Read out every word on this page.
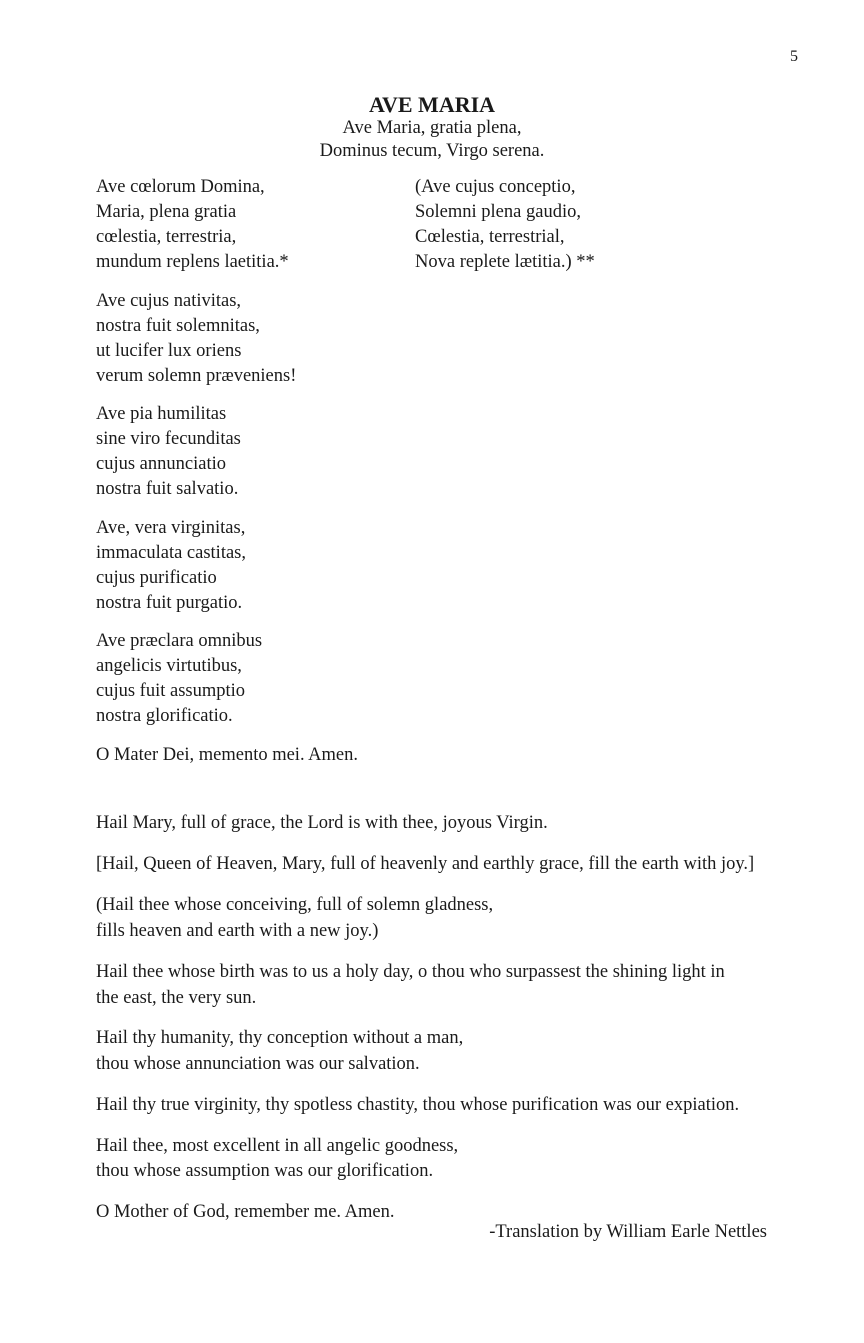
5
AVE MARIA
Ave Maria, gratia plena,
Dominus tecum, Virgo serena.
Ave cœlorum Domina,
Maria, plena gratia
cœlestia, terrestria,
mundum replens laetitia.*
Ave cujus nativitas,
nostra fuit solemnitas,
ut lucifer lux oriens
verum solemn præveniens!
Ave pia humilitas
sine viro fecunditas
cujus annunciatio
nostra fuit salvatio.
Ave, vera virginitas,
immaculata castitas,
cujus purificatio
nostra fuit purgatio.
Ave præclara omnibus
angelicis virtutibus,
cujus fuit assumptio
nostra glorificatio.
O Mater Dei, memento mei. Amen.
(Ave cujus conceptio,
Solemni plena gaudio,
Cœlestia, terrestrial,
Nova replete lætitia.) **
Hail Mary, full of grace, the Lord is with thee, joyous Virgin.
[Hail, Queen of Heaven, Mary, full of heavenly and earthly grace, fill the earth with joy.]
(Hail thee whose conceiving, full of solemn gladness,
fills heaven and earth with a new joy.)
Hail thee whose birth was to us a holy day, o thou who surpassest the shining light in
the east, the very sun.
Hail thy humanity, thy conception without a man,
thou whose annunciation was our salvation.
Hail thy true virginity, thy spotless chastity, thou whose purification was our expiation.
Hail thee, most excellent in all angelic goodness,
thou whose assumption was our glorification.
O Mother of God, remember me. Amen.
-Translation by William Earle Nettles
